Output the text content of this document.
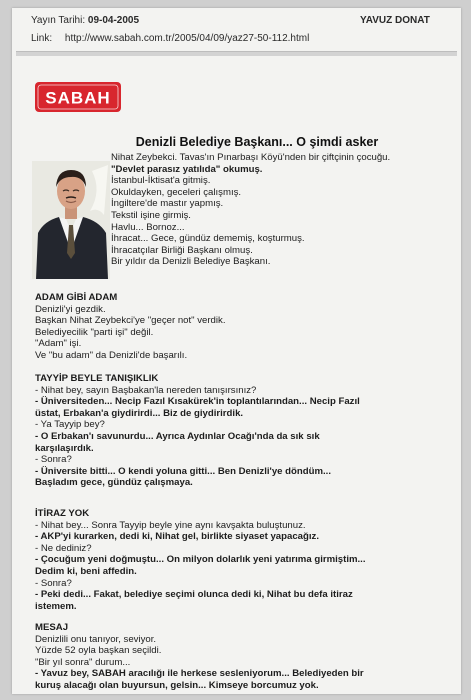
Yayın Tarihi: 09-04-2005	YAVUZ DONAT
Link: http://www.sabah.com.tr/2005/04/09/yaz27-50-112.html
SABAH
Denizli Belediye Başkanı... O şimdi asker
Nihat Zeybekci. Tavas'ın Pınarbaşı Köyü'nden bir çiftçinin çocuğu.
"Devlet parasız yatılıda" okumuş.
İstanbul-İktisat'a gitmiş.
Okuldayken, geceleri çalışmış.
İngiltere'de mastır yapmış.
Tekstil işine girmiş.
Havlu... Bornoz...
İhracat... Gece, gündüz dememiş, koşturmuş.
İhracatçılar Birliği Başkanı olmuş.
Bir yıldır da Denizli Belediye Başkanı.
ADAM GİBİ ADAM
Denizli'yi gezdik.
Başkan Nihat Zeybekci'ye "geçer not" verdik.
Belediyecilik "parti işi" değil.
"Adam" işi.
Ve "bu adam" da Denizli'de başarılı.
TAYYİP BEYLE TANIŞIKLIK
- Nihat bey, sayın Başbakan'la nereden tanışırsınız?
- Üniversiteden... Necip Fazıl Kısakürek'in toplantılarından... Necip Fazıl
üstat, Erbakan'a giydirirdi... Biz de giydirirdik.
- Ya Tayyip bey?
- O Erbakan'ı savunurdu... Ayrıca Aydınlar Ocağı'nda da sık sık
karşılaşırdık.
- Sonra?
- Üniversite bitti... O kendi yoluna gitti... Ben Denizli'ye döndüm...
Başladım gece, gündüz çalışmaya.
İTİRAZ YOK
- Nihat bey... Sonra Tayyip beyle yine aynı kavşakta buluştunuz.
- AKP'yi kurarken, dedi ki, Nihat gel, birlikte siyaset yapacağız.
- Ne dediniz?
- Çocuğum yeni doğmuştu... On milyon dolarlık yeni yatırıma girmiştim...
Dedim ki, beni affedin.
- Sonra?
- Peki dedi... Fakat, belediye seçimi olunca dedi ki, Nihat bu defa itiraz
istemem.
MESAJ
Denizlili onu tanıyor, seviyor.
Yüzde 52 oyla başkan seçildi.
"Bir yıl sonra" durum...
- Yavuz bey, SABAH aracılığı ile herkese sesleniyorum... Belediyeden bir
kuruş alacağı olan buyursun, gelsin... Kimseye borcumuz yok.
